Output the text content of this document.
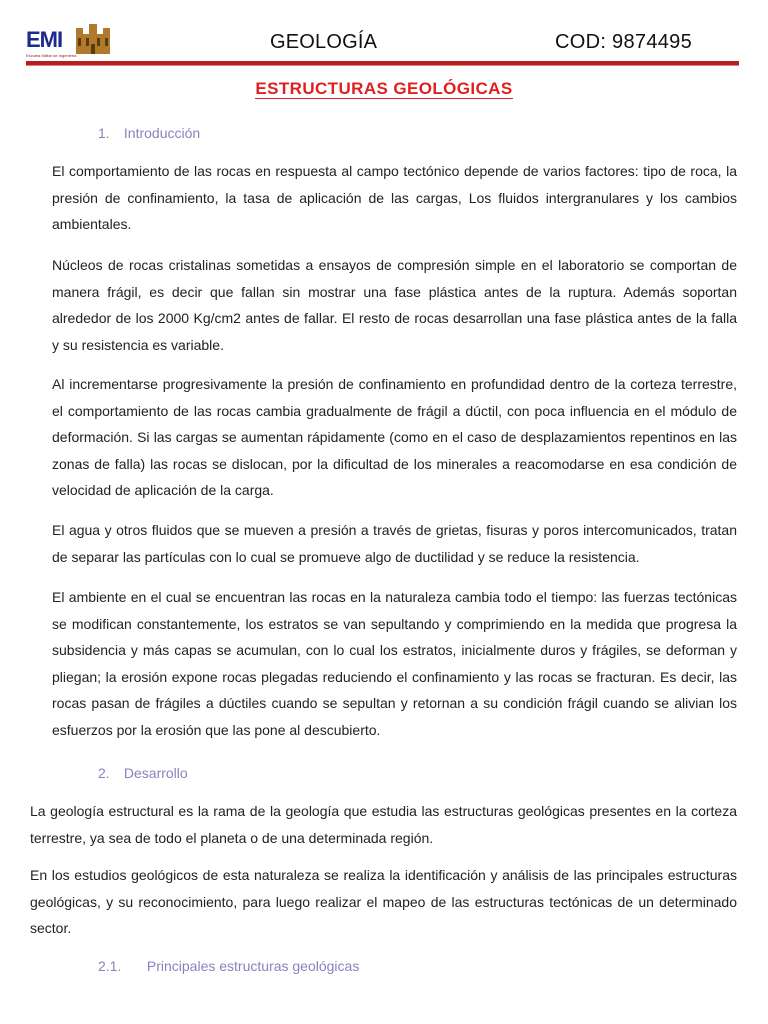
EMI
Escuela Militar de Ingeniería
GEOLOGÍA	COD: 9874495
ESTRUCTURAS GEOLÓGICAS
1. Introducción

El comportamiento de las rocas en respuesta al campo tectónico depende de varios factores: tipo de roca, la presión de confinamiento, la tasa de aplicación de las cargas, Los fluidos intergranulares y los cambios ambientales.

Núcleos de rocas cristalinas sometidas a ensayos de compresión simple en el laboratorio se comportan de manera frágil, es decir que fallan sin mostrar una fase plástica antes de la ruptura. Además soportan alrededor de los 2000 Kg/cm2 antes de fallar. El resto de rocas desarrollan una fase plástica antes de la falla y su resistencia es variable.

Al incrementarse progresivamente la presión de confinamiento en profundidad dentro de la corteza terrestre, el comportamiento de las rocas cambia gradualmente de frágil a dúctil, con poca influencia en el módulo de deformación. Si las cargas se aumentan rápidamente (como en el caso de desplazamientos repentinos en las zonas de falla) las rocas se dislocan, por la dificultad de los minerales a reacomodarse en esa condición de velocidad de aplicación de la carga.

El agua y otros fluidos que se mueven a presión a través de grietas, fisuras y poros intercomunicados, tratan de separar las partículas con lo cual se promueve algo de ductilidad y se reduce la resistencia.

El ambiente en el cual se encuentran las rocas en la naturaleza cambia todo el tiempo: las fuerzas tectónicas se modifican constantemente, los estratos se van sepultando y comprimiendo en la medida que progresa la subsidencia y más capas se acumulan, con lo cual los estratos, inicialmente duros y frágiles, se deforman y pliegan; la erosión expone rocas plegadas reduciendo el confinamiento y las rocas se fracturan. Es decir, las rocas pasan de frágiles a dúctiles cuando se sepultan y retornan a su condición frágil cuando se alivian los esfuerzos por la erosión que las pone al descubierto.

2. Desarrollo

La geología estructural es la rama de la geología que estudia las estructuras geológicas presentes en la corteza terrestre, ya sea de todo el planeta o de una determinada región.

En los estudios geológicos de esta naturaleza se realiza la identificación y análisis de las principales estructuras geológicas, y su reconocimiento, para luego realizar el mapeo de las estructuras tectónicas de un determinado sector.

2.1. Principales estructuras geológicas
